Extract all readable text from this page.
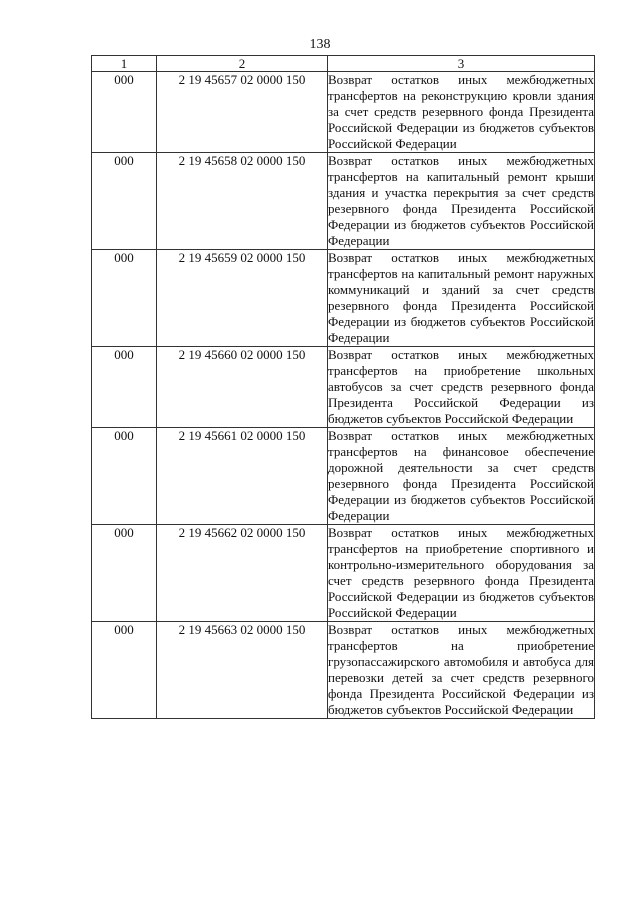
138
1	2	3
000	2 19 45657 02 0000 150	Возврат остатков иных межбюджетных трансфертов на реконструкцию кровли здания за счет средств резервного фонда Президента Российской Федерации из бюджетов субъектов Российской Федерации
000	2 19 45658 02 0000 150	Возврат остатков иных межбюджетных трансфертов на капитальный ремонт крыши здания и участка перекрытия за счет средств резервного фонда Президента Российской Федерации из бюджетов субъектов Российской Федерации
000	2 19 45659 02 0000 150	Возврат остатков иных межбюджетных трансфертов на капитальный ремонт наружных коммуникаций и зданий за счет средств резервного фонда Президента Российской Федерации из бюджетов субъектов Российской Федерации
000	2 19 45660 02 0000 150	Возврат остатков иных межбюджетных трансфертов на приобретение школьных автобусов за счет средств резервного фонда Президента Российской Федерации из бюджетов субъектов Российской Федерации
000	2 19 45661 02 0000 150	Возврат остатков иных межбюджетных трансфертов на финансовое обеспечение дорожной деятельности за счет средств резервного фонда Президента Российской Федерации из бюджетов субъектов Российской Федерации
000	2 19 45662 02 0000 150	Возврат остатков иных межбюджетных трансфертов на приобретение спортивного и контрольно-измерительного оборудования за счет средств резервного фонда Президента Российской Федерации из бюджетов субъектов Российской Федерации
000	2 19 45663 02 0000 150	Возврат остатков иных межбюджетных трансфертов на приобретение грузопассажирского автомобиля и автобуса для перевозки детей за счет средств резервного фонда Президента Российской Федерации из бюджетов субъектов Российской Федерации
